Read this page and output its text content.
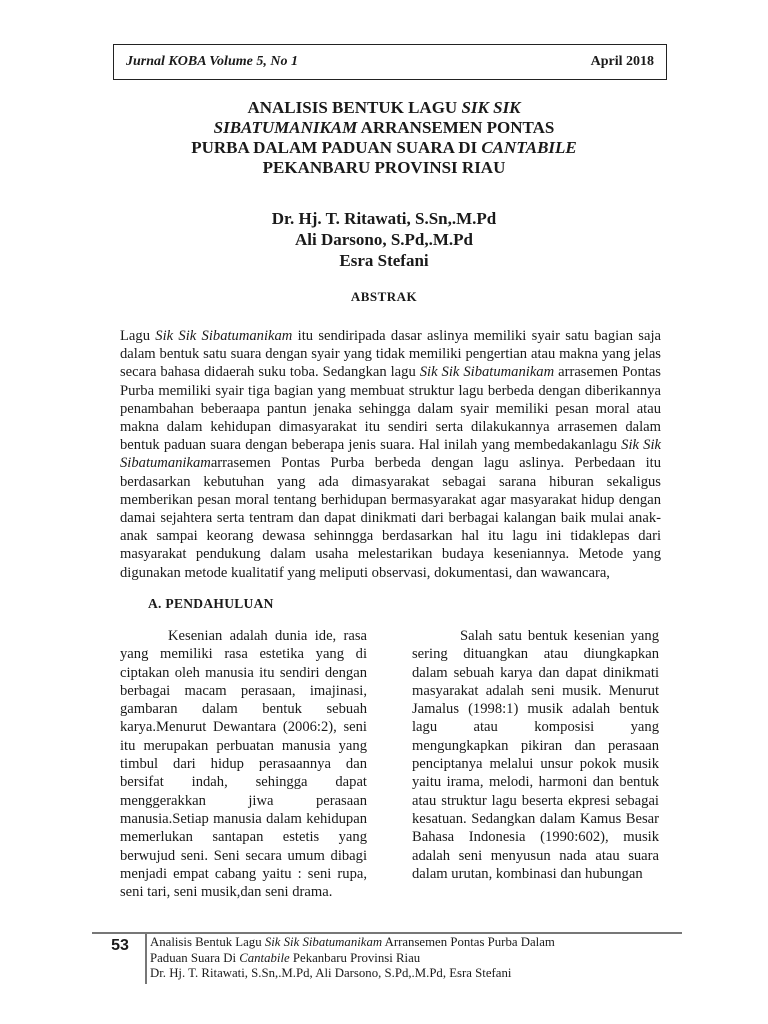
Jurnal KOBA Volume 5, No 1	April 2018
ANALISIS BENTUK LAGU SIK SIK
SIBATUMANIKAM ARRANSEMEN PONTAS
PURBA DALAM PADUAN SUARA DI CANTABILE
PEKANBARU PROVINSI RIAU
Dr. Hj. T. Ritawati, S.Sn,.M.Pd
Ali Darsono, S.Pd,.M.Pd
Esra Stefani
ABSTRAK

Lagu Sik Sik Sibatumanikam itu sendiripada dasar aslinya memiliki syair satu bagian saja dalam bentuk satu suara dengan syair yang tidak memiliki pengertian atau makna yang jelas secara bahasa didaerah suku toba. Sedangkan lagu Sik Sik Sibatumanikam arrasemen Pontas Purba memiliki syair tiga bagian yang membuat struktur lagu berbeda dengan diberikannya penambahan beberaapa pantun jenaka sehingga dalam syair memiliki pesan moral atau makna dalam kehidupan dimasyarakat itu sendiri serta dilakukannya arrasemen dalam bentuk paduan suara dengan beberapa jenis suara. Hal inilah yang membedakanlagu Sik Sik Sibatumanikamarrasemen Pontas Purba berbeda dengan lagu aslinya. Perbedaan itu berdasarkan kebutuhan yang ada dimasyarakat sebagai sarana hiburan sekaligus memberikan pesan moral tentang berhidupan bermasyarakat agar masyarakat hidup dengan damai sejahtera serta tentram dan dapat dinikmati dari berbagai kalangan baik mulai anak-anak sampai keorang dewasa sehinngga berdasarkan hal itu lagu ini tidaklepas dari masyarakat pendukung dalam usaha melestarikan budaya keseniannya. Metode yang digunakan metode kualitatif yang meliputi observasi, dokumentasi, dan wawancara,

A. PENDAHULUAN

Kesenian adalah dunia ide, rasa yang memiliki rasa estetika yang di ciptakan oleh manusia itu sendiri dengan berbagai macam perasaan, imajinasi, gambaran dalam bentuk sebuah karya.Menurut Dewantara (2006:2), seni itu merupakan perbuatan manusia yang timbul dari hidup perasaannya dan bersifat indah, sehingga dapat menggerakkan jiwa perasaan manusia.Setiap manusia dalam kehidupan memerlukan santapan estetis yang berwujud seni. Seni secara umum dibagi menjadi empat cabang yaitu : seni rupa, seni tari, seni musik,dan seni drama.

Salah satu bentuk kesenian yang sering dituangkan atau diungkapkan dalam sebuah karya dan dapat dinikmati masyarakat adalah seni musik. Menurut Jamalus (1998:1) musik adalah bentuk lagu atau komposisi yang mengungkapkan pikiran dan perasaan penciptanya melalui unsur pokok musik yaitu irama, melodi, harmoni dan bentuk atau struktur lagu beserta ekpresi sebagai kesatuan. Sedangkan dalam Kamus Besar Bahasa Indonesia (1990:602), musik adalah seni menyusun nada atau suara dalam urutan, kombinasi dan hubungan

53	Analisis Bentuk Lagu Sik Sik Sibatumanikam Arransemen Pontas Purba Dalam
Paduan Suara Di Cantabile Pekanbaru Provinsi Riau
Dr. Hj. T. Ritawati, S.Sn,.M.Pd, Ali Darsono, S.Pd,.M.Pd, Esra Stefani
